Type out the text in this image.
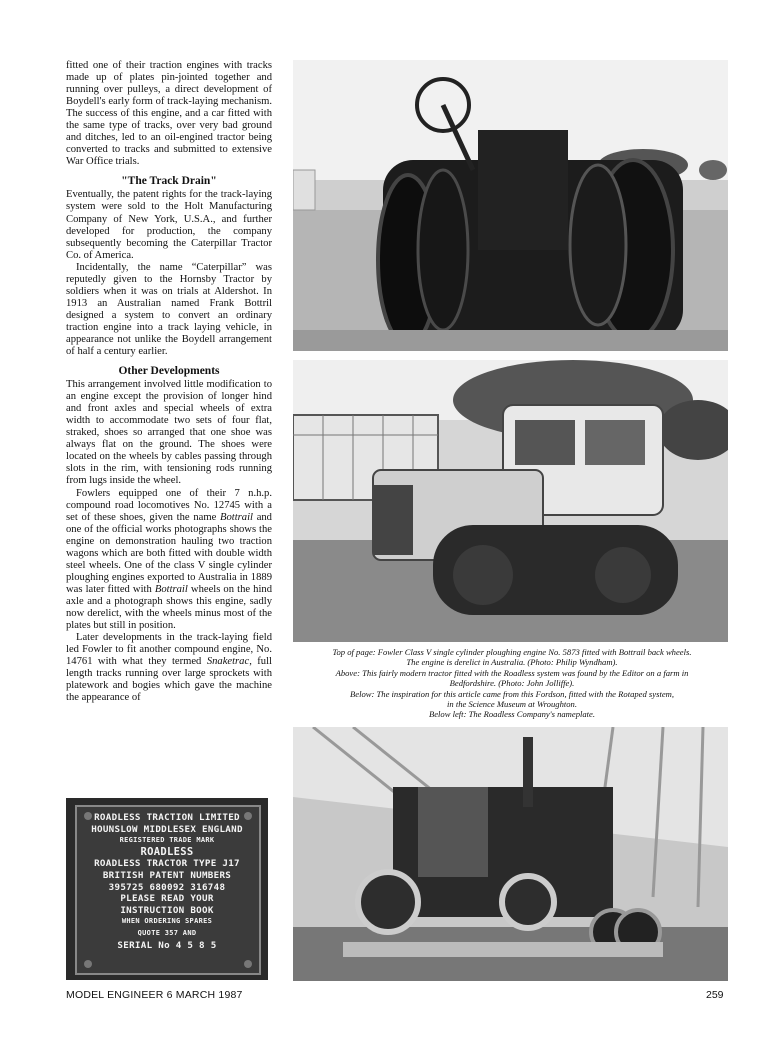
fitted one of their traction engines with tracks made up of plates pin-jointed together and running over pulleys, a direct development of Boydell's early form of track-laying mechanism. The success of this engine, and a car fitted with the same type of tracks, over very bad ground and ditches, led to an oil-engined tractor being converted to tracks and submitted to extensive War Office trials.

"The Track Drain"

Eventually, the patent rights for the track-laying system were sold to the Holt Manufacturing Company of New York, U.S.A., and further developed for production, the company subsequently becoming the Caterpillar Tractor Co. of America.

Incidentally, the name “Caterpillar” was reputedly given to the Hornsby Tractor by soldiers when it was on trials at Aldershot. In 1913 an Australian named Frank Bottril designed a system to convert an ordinary traction engine into a track laying vehicle, in appearance not unlike the Boydell arrangement of half a century earlier.

Other Developments

This arrangement involved little modification to an engine except the provision of longer hind and front axles and special wheels of extra width to accommodate two sets of four flat, straked, shoes so arranged that one shoe was always flat on the ground. The shoes were located on the wheels by cables passing through slots in the rim, with tensioning rods running from lugs inside the wheel.

Fowlers equipped one of their 7 n.h.p. compound road locomotives No. 12745 with a set of these shoes, given the name Bottrail and one of the official works photographs shows the engine on demonstration hauling two traction wagons which are both fitted with double width steel wheels. One of the class V single cylinder ploughing engines exported to Australia in 1889 was later fitted with Bottrail wheels on the hind axle and a photograph shows this engine, sadly now derelict, with the wheels minus most of the plates but still in position.

Later developments in the track-laying field led Fowler to fit another compound engine, No. 14761 with what they termed Snaketrac, full length tracks running over large sprockets with platework and bogies which gave the machine the appearance of

ROADLESS TRACTION LIMITED
HOUNSLOW MIDDLESEX ENGLAND
REGISTERED TRADE MARK
ROADLESS
ROADLESS TRACTOR TYPE J17
BRITISH PATENT NUMBERS
395725 680092 316748
PLEASE READ YOUR
INSTRUCTION BOOK
WHEN ORDERING SPARES
QUOTE 357 AND
SERIAL No 4 5 8 5
Top of page: Fowler Class V single cylinder ploughing engine No. 5873 fitted with Bottrail back wheels.
The engine is derelict in Australia. (Photo: Philip Wyndham).
Above: This fairly modern tractor fitted with the Roadless system was found by the Editor on a farm in
Bedfordshire. (Photo: John Jolliffe).
Below: The inspiration for this article came from this Fordson, fitted with the Rotaped system,
in the Science Museum at Wroughton.
Below left: The Roadless Company's nameplate.
MODEL ENGINEER 6 MARCH 1987	259
